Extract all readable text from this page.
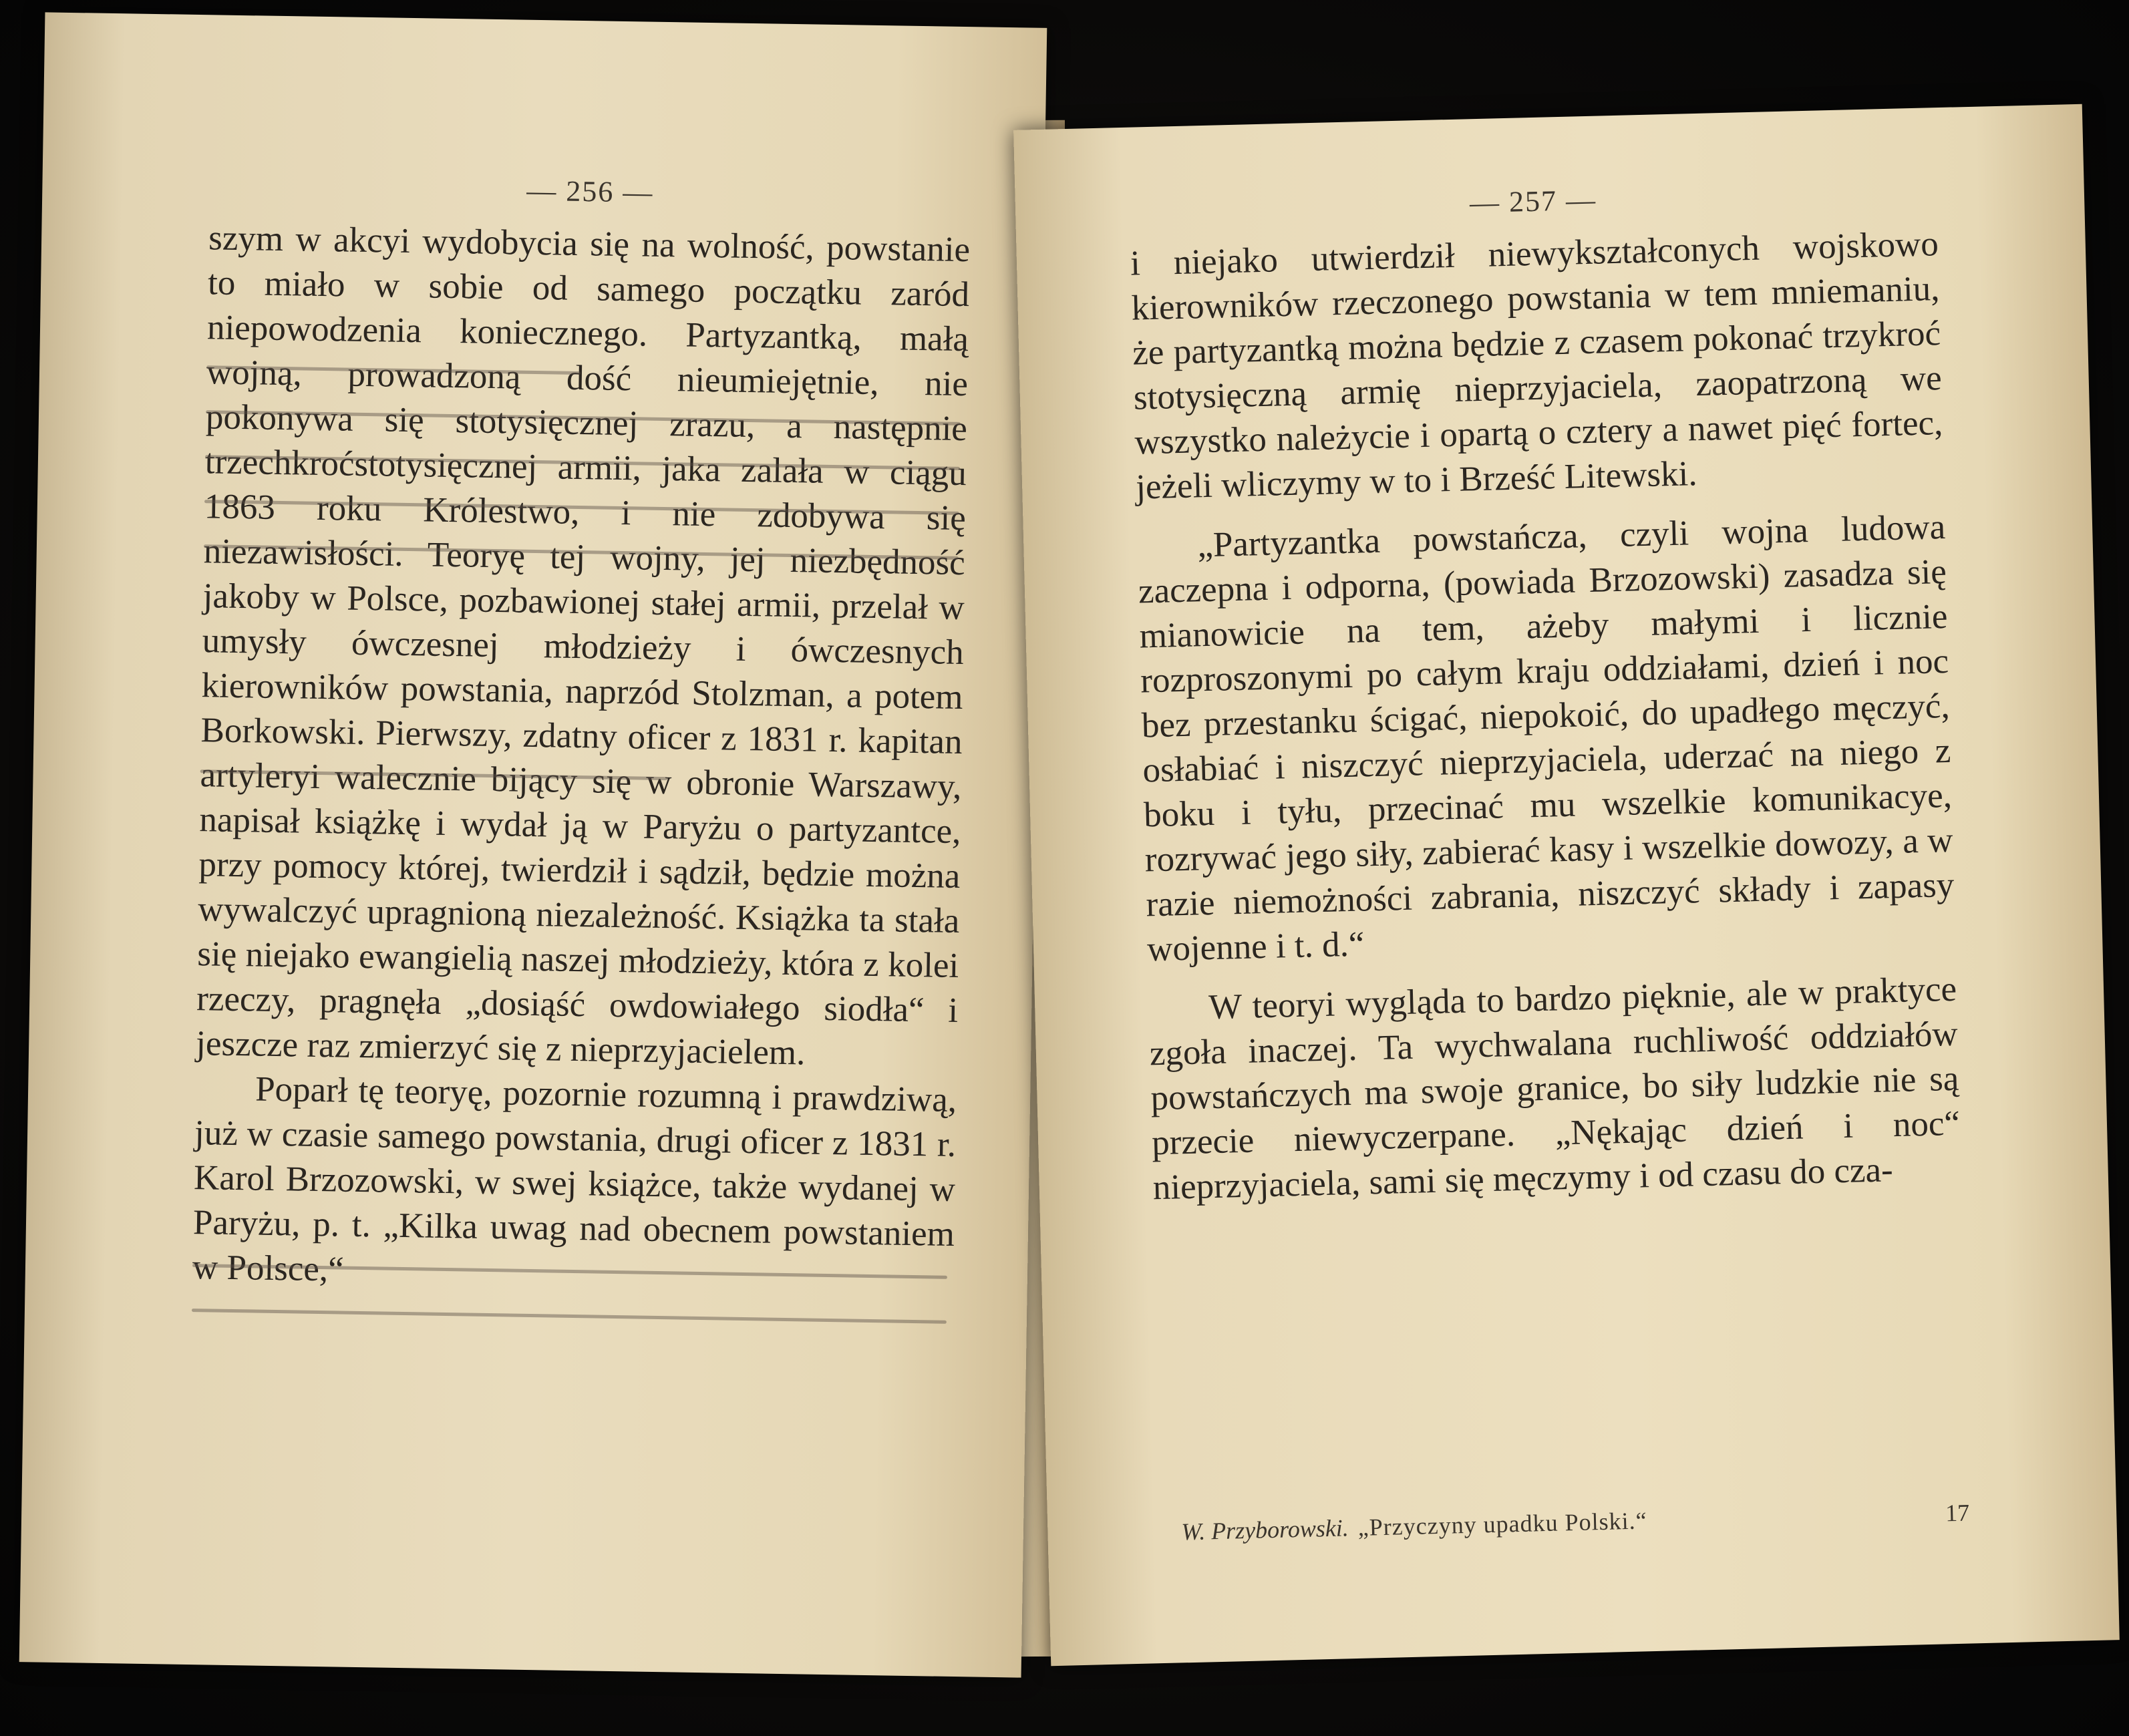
— 256 —

szym w akcyi wydobycia się na wolność, powstanie to miało w sobie od samego początku zaród niepowodzenia koniecznego. Partyzantką, małą wojną, prowadzoną dość nieumiejętnie, nie pokonywa się stotysięcznej zrazu, a następnie trzechkroćstotysięcznej armii, jaka zalała w ciągu 1863 roku Królestwo, i nie zdobywa się niezawisłości. Teoryę tej wojny, jej niezbędność jakoby w Polsce, pozbawionej stałej armii, przelał w umysły ówczesnej młodzieży i ówczesnych kierowników powstania, naprzód Stolzman, a potem Borkowski. Pierwszy, zdatny oficer z 1831 r. kapitan artyleryi walecznie bijący się w obronie Warszawy, napisał książkę i wydał ją w Paryżu o partyzantce, przy pomocy której, twierdził i sądził, będzie można wywalczyć upragnioną niezależność. Książka ta stała się niejako ewangielią naszej młodzieży, która z kolei rzeczy, pragnęła „dosiąść owdowiałego siodła“ i jeszcze raz zmierzyć się z nieprzyjacielem.

Poparł tę teoryę, pozornie rozumną i prawdziwą, już w czasie samego powstania, drugi oficer z 1831 r. Karol Brzozowski, w swej książce, także wydanej w Paryżu, p. t. „Kilka uwag nad obecnem powstaniem w Polsce,“

— 257 —

i niejako utwierdził niewykształconych wojskowo kierowników rzeczonego powstania w tem mniemaniu, że partyzantką można będzie z czasem pokonać trzykroć stotysięczną armię nieprzyjaciela, zaopatrzoną we wszystko należycie i opartą o cztery a nawet pięć fortec, jeżeli wliczymy w to i Brześć Litewski.

„Partyzantka powstańcza, czyli wojna ludowa zaczepna i odporna, (powiada Brzozowski) zasadza się mianowicie na tem, ażeby małymi i licznie rozproszonymi po całym kraju oddziałami, dzień i noc bez przestanku ścigać, niepokoić, do upadłego męczyć, osłabiać i niszczyć nieprzyjaciela, uderzać na niego z boku i tyłu, przecinać mu wszelkie komunikacye, rozrywać jego siły, zabierać kasy i wszelkie dowozy, a w razie niemożności zabrania, niszczyć składy i zapasy wojenne i t. d.“

W teoryi wygląda to bardzo pięknie, ale w praktyce zgoła inaczej. Ta wychwalana ruchliwość oddziałów powstańczych ma swoje granice, bo siły ludzkie nie są przecie niewyczerpane. „Nękając dzień i noc“ nieprzyjaciela, sami się męczymy i od czasu do cza-

W. Przyborowski. „Przyczyny upadku Polski.“	17
